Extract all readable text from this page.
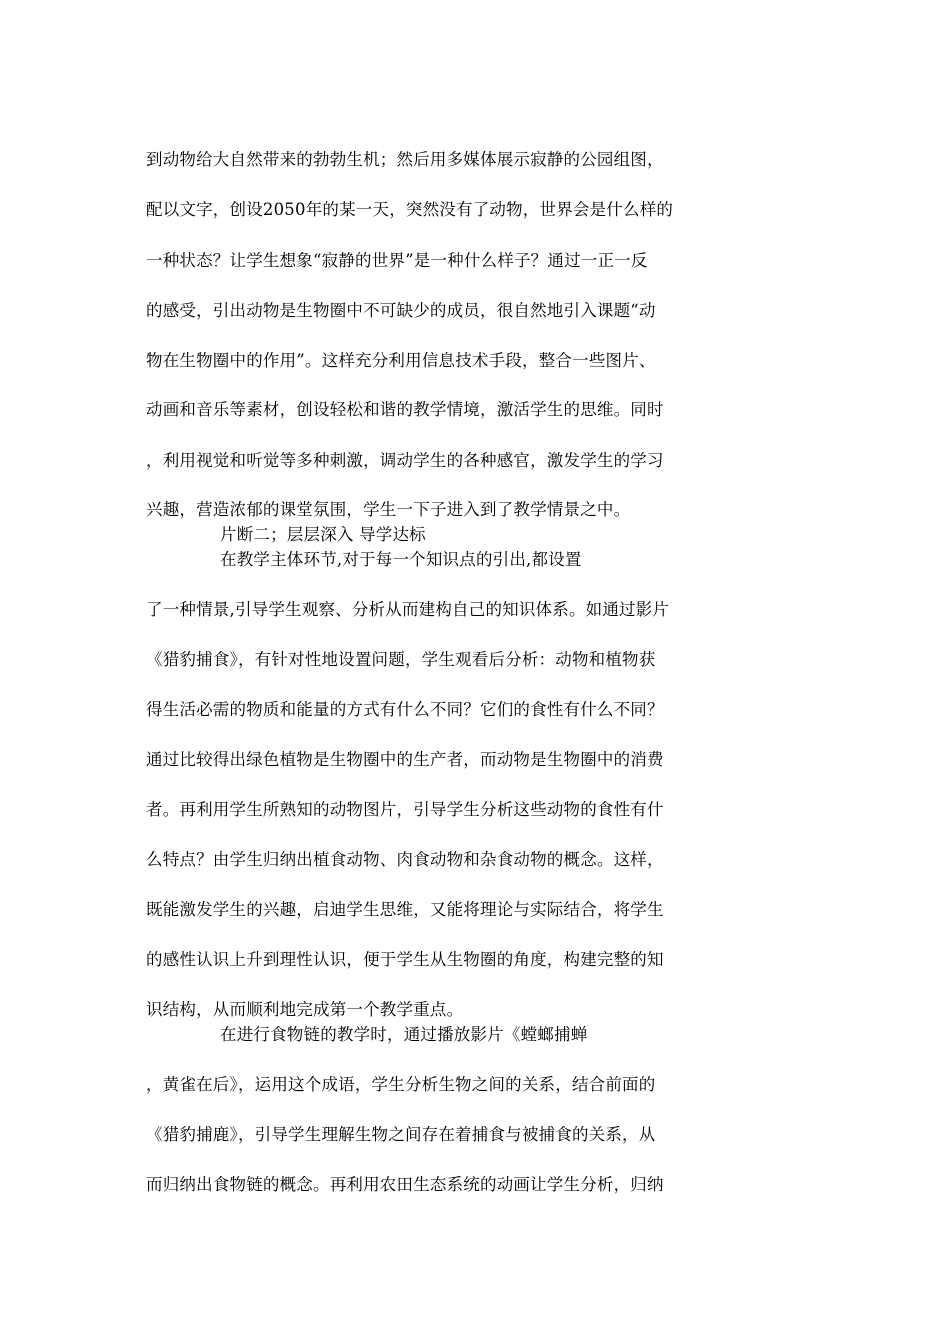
到动物给大自然带来的勃勃生机；然后用多媒体展示寂静的公园组图，
配以文字，创设2050年的某一天，突然没有了动物，世界会是什么样的
一种状态？让学生想象“寂静的世界”是一种什么样子？通过一正一反
的感受，引出动物是生物圈中不可缺少的成员，很自然地引入课题“动
物在生物圈中的作用”。这样充分利用信息技术手段，整合一些图片、
动画和音乐等素材，创设轻松和谐的教学情境，激活学生的思维。同时
，利用视觉和听觉等多种刺激，调动学生的各种感官，激发学生的学习
兴趣，营造浓郁的课堂氛围，学生一下子进入到了教学情景之中。
片断二；层层深入 导学达标
在教学主体环节,对于每一个知识点的引出,都设置
了一种情景,引导学生观察、分析从而建构自己的知识体系。如通过影片
《猎豹捕食》，有针对性地设置问题，学生观看后分析：动物和植物获
得生活必需的物质和能量的方式有什么不同？它们的食性有什么不同？
通过比较得出绿色植物是生物圈中的生产者，而动物是生物圈中的消费
者。再利用学生所熟知的动物图片，引导学生分析这些动物的食性有什
么特点？由学生归纳出植食动物、肉食动物和杂食动物的概念。这样，
既能激发学生的兴趣，启迪学生思维，又能将理论与实际结合，将学生
的感性认识上升到理性认识，便于学生从生物圈的角度，构建完整的知
识结构，从而顺利地完成第一个教学重点。
在进行食物链的教学时，通过播放影片《螳螂捕蝉
，黄雀在后》，运用这个成语，学生分析生物之间的关系，结合前面的
《猎豹捕鹿》，引导学生理解生物之间存在着捕食与被捕食的关系，从
而归纳出食物链的概念。再利用农田生态系统的动画让学生分析，归纳
